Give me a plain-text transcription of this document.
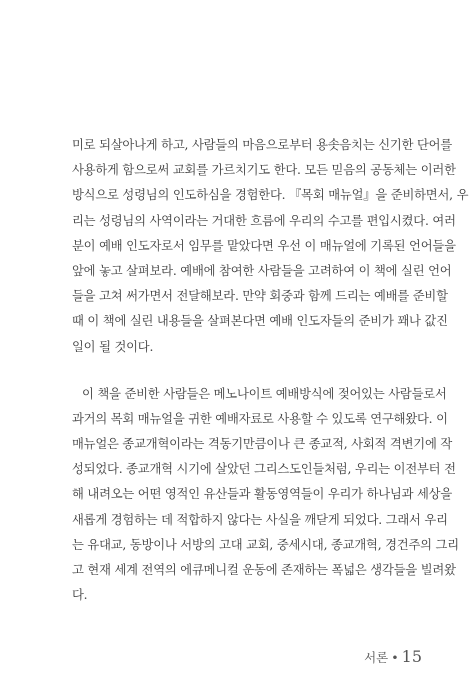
미로 되살아나게 하고, 사람들의 마음으로부터 용솟음치는 신기한 단어를
사용하게 함으로써 교회를 가르치기도 한다. 모든 믿음의 공동체는 이러한
방식으로 성령님의 인도하심을 경험한다. 『목회 매뉴얼』을 준비하면서, 우
리는 성령님의 사역이라는 거대한 흐름에 우리의 수고를 편입시켰다. 여러
분이 예배 인도자로서 임무를 맡았다면 우선 이 매뉴얼에 기록된 언어들을
앞에 놓고 살펴보라. 예배에 참여한 사람들을 고려하여 이 책에 실린 언어
들을 고쳐 써가면서 전달해보라. 만약 회중과 함께 드리는 예배를 준비할
때 이 책에 실린 내용들을 살펴본다면 예배 인도자들의 준비가 꽤나 값진
일이 될 것이다.

이 책을 준비한 사람들은 메노나이트 예배방식에 젖어있는 사람들로서
과거의 목회 매뉴얼을 귀한 예배자료로 사용할 수 있도록 연구해왔다. 이
매뉴얼은 종교개혁이라는 격동기만큼이나 큰 종교적, 사회적 격변기에 작
성되었다. 종교개혁 시기에 살았던 그리스도인들처럼, 우리는 이전부터 전
해 내려오는 어떤 영적인 유산들과 활동영역들이 우리가 하나님과 세상을
새롭게 경험하는 데 적합하지 않다는 사실을 깨닫게 되었다. 그래서 우리
는 유대교, 동방이나 서방의 고대 교회, 중세시대, 종교개혁, 경건주의 그리
고 현재 세계 전역의 에큐메니컬 운동에 존재하는 폭넓은 생각들을 빌려왔
다.

서론 • 15
